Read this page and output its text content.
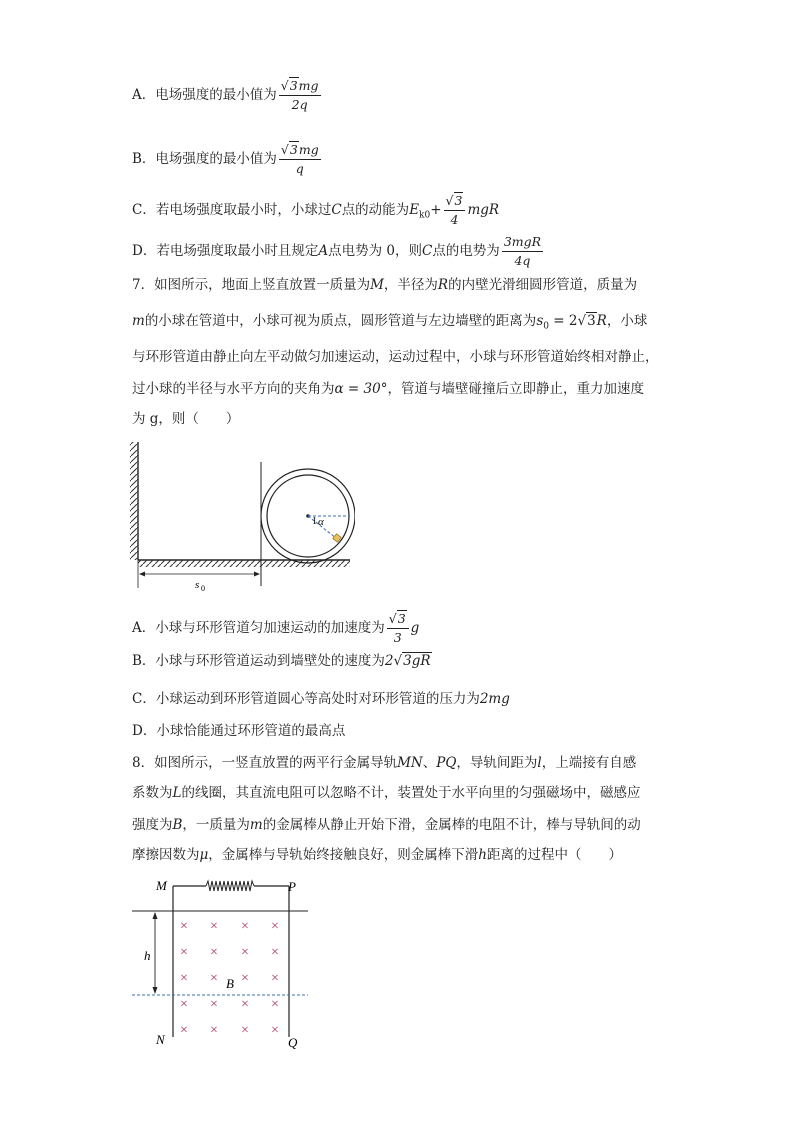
A．电场强度的最小值为 $\frac{√3mg}{2q}$
B．电场强度的最小值为 $\frac{√3mg}{q}$
C．若电场强度取最小时，小球过C点的动能为$E_{k0}+ \frac{√3}{4}$ mgR
D．若电场强度取最小时且规定A点电势为 0，则C点的电势为 $\frac{\text{3mgR}}{4q}$
7．如图所示，地面上竖直放置一质量为M，半径为R的内壁光滑细圆形管道，质量为
m的小球在管道中，小球可视为质点，圆形管道与左边墙壁的距离为$s_0 = 2√3R$，小球
与环形管道由静止向左平动做匀加速运动，运动过程中，小球与环形管道始终相对静止，
过小球的半径与水平方向的夹角为α = 30°，管道与墙壁碰撞后立即静止，重力加速度
为 g，则（　　）
1 α
s 0
A．小球与环形管道匀加速运动的加速度为 $\frac{√3}{3}$ g
B．小球与环形管道运动到墙壁处的速度为2√3gR
C．小球运动到环形管道圆心等高处时对环形管道的压力为2mg
D．小球恰能通过环形管道的最高点
8．如图所示，一竖直放置的两平行金属导轨MN、PQ，导轨间距为l，上端接有自感
系数为L的线圈，其直流电阻可以忽略不计，装置处于水平向里的匀强磁场中，磁感应
强度为B，一质量为m的金属棒从静止开始下滑，金属棒的电阻不计，棒与导轨间的动
摩擦因数为μ，金属棒与导轨始终接触良好，则金属棒下滑h距离的过程中（　　）
M	P
N	Q
h
× × × ×
× × × ×
× × × ×
× × × ×
× × × ×
B
